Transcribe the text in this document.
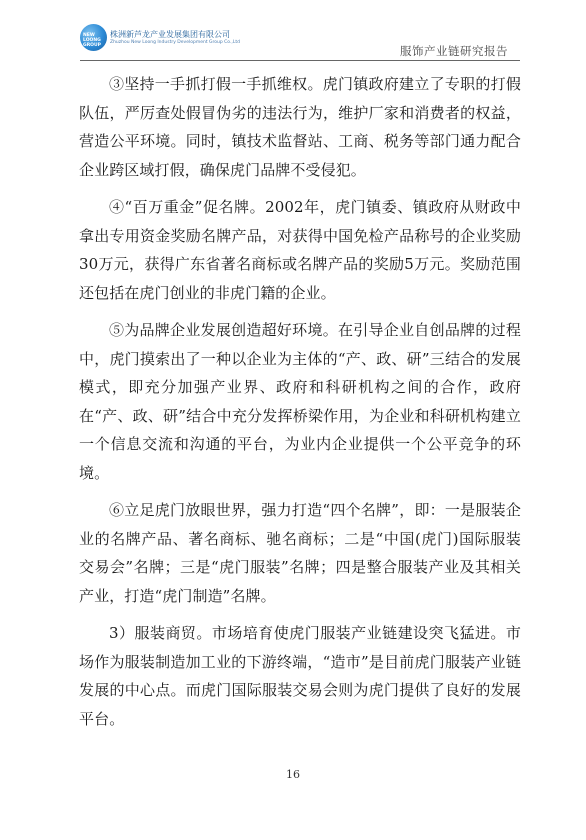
NEW LOONG GROUP
株洲新芦龙产业发展集团有限公司
Zhuzhou New Loong Industry Development Group Co.,Ltd
服饰产业链研究报告

③坚持一手抓打假一手抓维权。虎门镇政府建立了专职的打假队伍，严厉查处假冒伪劣的违法行为，维护厂家和消费者的权益，营造公平环境。同时，镇技术监督站、工商、税务等部门通力配合企业跨区域打假，确保虎门品牌不受侵犯。

④“百万重金”促名牌。2002年，虎门镇委、镇政府从财政中拿出专用资金奖励名牌产品，对获得中国免检产品称号的企业奖励30万元，获得广东省著名商标或名牌产品的奖励5万元。奖励范围还包括在虎门创业的非虎门籍的企业。

⑤为品牌企业发展创造超好环境。在引导企业自创品牌的过程中，虎门摸索出了一种以企业为主体的“产、政、研”三结合的发展模式，即充分加强产业界、政府和科研机构之间的合作，政府在“产、政、研”结合中充分发挥桥梁作用，为企业和科研机构建立一个信息交流和沟通的平台，为业内企业提供一个公平竞争的环境。

⑥立足虎门放眼世界，强力打造“四个名牌”，即：一是服装企业的名牌产品、著名商标、驰名商标；二是“中国(虎门)国际服装交易会”名牌；三是“虎门服装”名牌；四是整合服装产业及其相关产业，打造“虎门制造”名牌。

3）服装商贸。市场培育使虎门服装产业链建设突飞猛进。市场作为服装制造加工业的下游终端，“造市”是目前虎门服装产业链发展的中心点。而虎门国际服装交易会则为虎门提供了良好的发展平台。

16
